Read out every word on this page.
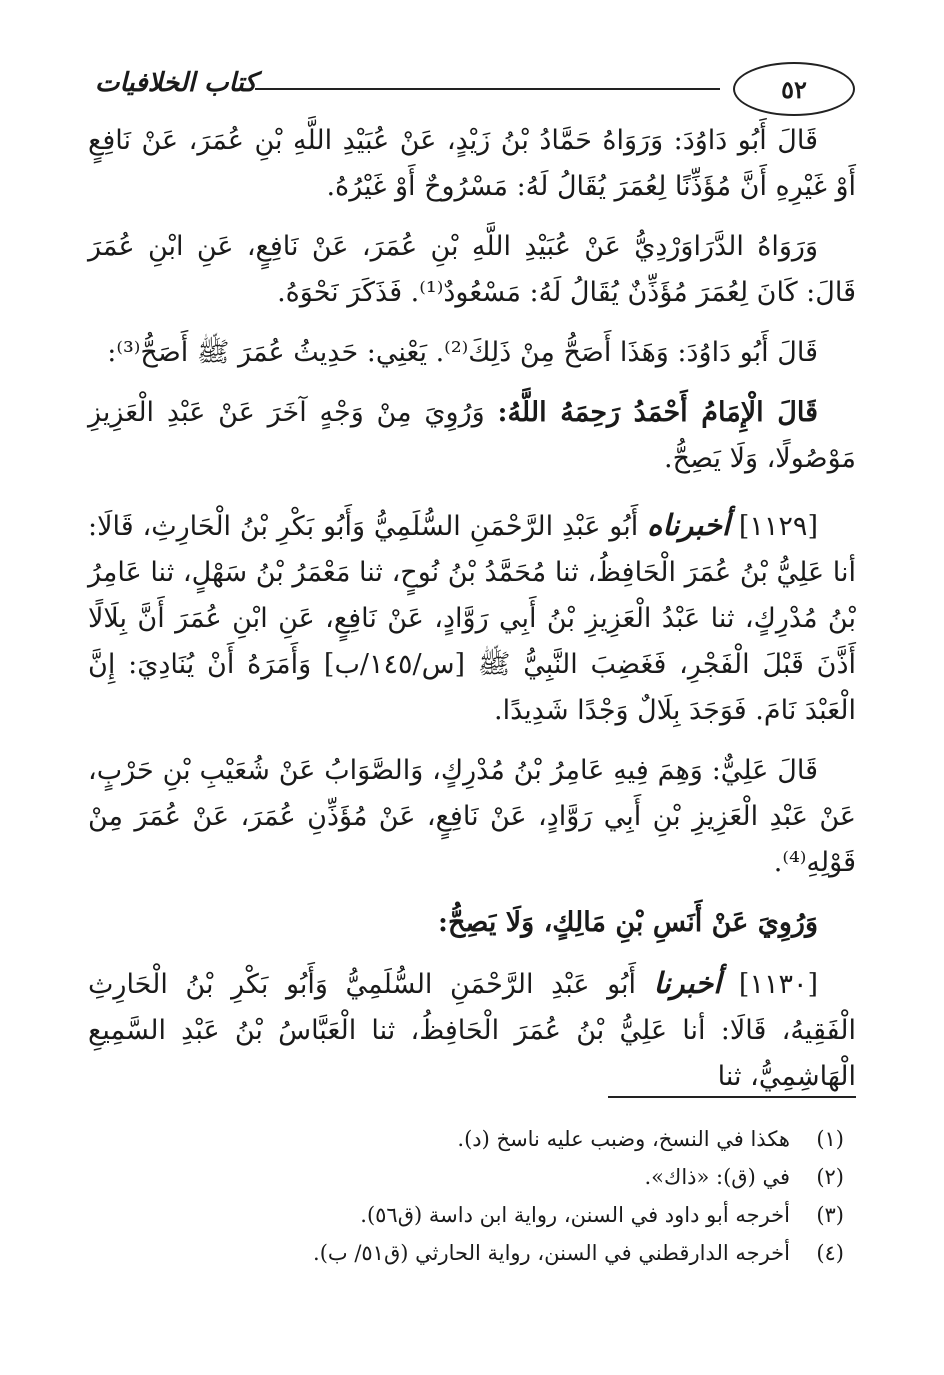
٥٢
كتاب الخلافيات

قَالَ أَبُو دَاوُدَ: وَرَوَاهُ حَمَّادُ بْنُ زَيْدٍ، عَنْ عُبَيْدِ اللَّهِ بْنِ عُمَرَ، عَنْ نَافِعٍ أَوْ غَيْرِهِ أَنَّ مُؤَذِّنًا لِعُمَرَ يُقَالُ لَهُ: مَسْرُوحٌ أَوْ غَيْرُهُ.

وَرَوَاهُ الدَّرَاوَرْدِيُّ عَنْ عُبَيْدِ اللَّهِ بْنِ عُمَرَ، عَنْ نَافِعٍ، عَنِ ابْنِ عُمَرَ قَالَ: كَانَ لِعُمَرَ مُؤَذِّنٌ يُقَالُ لَهُ: مَسْعُودٌ⁽¹⁾. فَذَكَرَ نَحْوَهُ.

قَالَ أَبُو دَاوُدَ: وَهَذَا أَصَحُّ مِنْ ذَلِكَ⁽²⁾. يَعْنِي: حَدِيثُ عُمَرَ ﷺ أَصَحُّ⁽³⁾:

قَالَ الْإِمَامُ أَحْمَدُ رَحِمَهُ اللَّهُ: وَرُوِيَ مِنْ وَجْهٍ آخَرَ عَنْ عَبْدِ الْعَزِيزِ مَوْصُولًا، وَلَا يَصِحُّ.

[١١٢٩] أخبرناه أَبُو عَبْدِ الرَّحْمَنِ السُّلَمِيُّ وَأَبُو بَكْرِ بْنُ الْحَارِثِ، قَالَا: أنا عَلِيُّ بْنُ عُمَرَ الْحَافِظُ، ثنا مُحَمَّدُ بْنُ نُوحٍ، ثنا مَعْمَرُ بْنُ سَهْلٍ، ثنا عَامِرُ بْنُ مُدْرِكٍ، ثنا عَبْدُ الْعَزِيزِ بْنُ أَبِي رَوَّادٍ، عَنْ نَافِعٍ، عَنِ ابْنِ عُمَرَ أَنَّ بِلَالًا أَذَّنَ قَبْلَ الْفَجْرِ، فَغَضِبَ النَّبِيُّ ﷺ [س/١٤٥/ب] وَأَمَرَهُ أَنْ يُنَادِيَ: إِنَّ الْعَبْدَ نَامَ. فَوَجَدَ بِلَالٌ وَجْدًا شَدِيدًا.

قَالَ عَلِيٌّ: وَهِمَ فِيهِ عَامِرُ بْنُ مُدْرِكٍ، وَالصَّوَابُ عَنْ شُعَيْبِ بْنِ حَرْبٍ، عَنْ عَبْدِ الْعَزِيزِ بْنِ أَبِي رَوَّادٍ، عَنْ نَافِعٍ، عَنْ مُؤَذِّنِ عُمَرَ، عَنْ عُمَرَ مِنْ قَوْلِهِ⁽⁴⁾.

وَرُوِيَ عَنْ أَنَسِ بْنِ مَالِكٍ، وَلَا يَصِحُّ:

[١١٣٠] أخبرنا أَبُو عَبْدِ الرَّحْمَنِ السُّلَمِيُّ وَأَبُو بَكْرِ بْنُ الْحَارِثِ الْفَقِيهُ، قَالَا: أنا عَلِيُّ بْنُ عُمَرَ الْحَافِظُ، ثنا الْعَبَّاسُ بْنُ عَبْدِ السَّمِيعِ الْهَاشِمِيُّ، ثنا

(١)
هكذا في النسخ، وضبب عليه ناسخ (د).
(٢)
في (ق): «ذاك».
(٣)
أخرجه أبو داود في السنن، رواية ابن داسة (ق٥٦).
(٤)
أخرجه الدارقطني في السنن، رواية الحارثي (ق٥١/ ب).
